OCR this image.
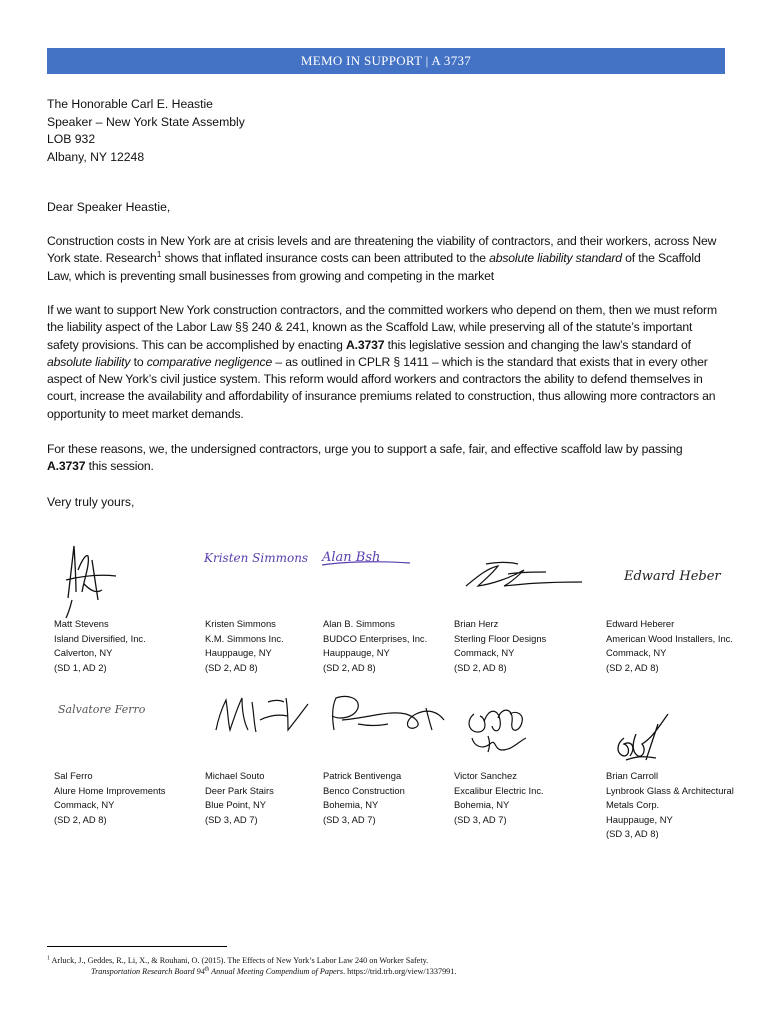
MEMO IN SUPPORT | A 3737
The Honorable Carl E. Heastie
Speaker – New York State Assembly
LOB 932
Albany, NY 12248
Dear Speaker Heastie,
Construction costs in New York are at crisis levels and are threatening the viability of contractors, and their workers, across New York state. Research$^1$ shows that inflated insurance costs can been attributed to the absolute liability standard of the Scaffold Law, which is preventing small businesses from growing and competing in the market
If we want to support New York construction contractors, and the committed workers who depend on them, then we must reform the liability aspect of the Labor Law §§ 240 & 241, known as the Scaffold Law, while preserving all of the statute’s important safety provisions. This can be accomplished by enacting A.3737 this legislative session and changing the law’s standard of absolute liability to comparative negligence – as outlined in CPLR § 1411 – which is the standard that exists that in every other aspect of New York’s civil justice system. This reform would afford workers and contractors the ability to defend themselves in court, increase the availability and affordability of insurance premiums related to construction, thus allowing more contractors an opportunity to meet market demands.
For these reasons, we, the undersigned contractors, urge you to support a safe, fair, and effective scaffold law by passing A.3737 this session.
Very truly yours,
Kristen Simmons Alan Bsh
Edward Heber
Matt Stevens
Island Diversified, Inc.
Calverton, NY
(SD 1, AD 2)
Kristen Simmons
K.M. Simmons Inc.
Hauppauge, NY
(SD 2, AD 8)
Alan B. Simmons
BUDCO Enterprises, Inc.
Hauppauge, NY
(SD 2, AD 8)
Brian Herz
Sterling Floor Designs
Commack, NY
(SD 2, AD 8)
Edward Heberer
American Wood Installers, Inc.
Commack, NY
(SD 2, AD 8)
Salvatore Ferro
Sal Ferro
Alure Home Improvements
Commack, NY
(SD 2, AD 8)
Michael Souto
Deer Park Stairs
Blue Point, NY
(SD 3, AD 7)
Patrick Bentivenga
Benco Construction
Bohemia, NY
(SD 3, AD 7)
Victor Sanchez
Excalibur Electric Inc.
Bohemia, NY
(SD 3, AD 7)
Brian Carroll
Lynbrook Glass & Architectural
Metals Corp.
Hauppauge, NY
(SD 3, AD 8)
$^1$ Arluck, J., Geddes, R., Li, X., & Rouhani, O. (2015). The Effects of New York’s Labor Law 240 on Worker Safety.
Transportation Research Board 94th Annual Meeting Compendium of Papers. https://trid.trb.org/view/1337991.
